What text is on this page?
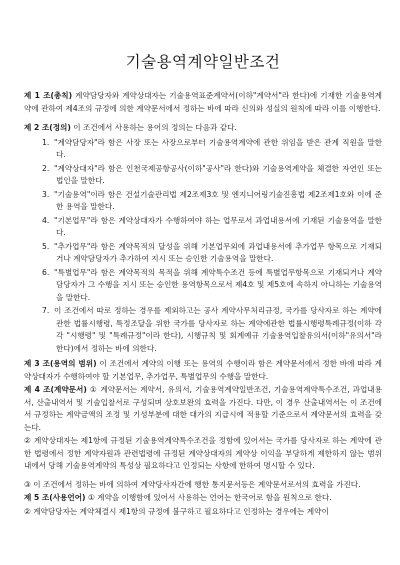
기술용역계약일반조건

제 1 조(총칙) 계약담당자와 계약상대자는 기술용역표준계약서(이하"계약서"라 한다)에 기재한 기술용역계약에 관하여 제4조의 규정에 의한 계약문서에서 정하는 바에 따라 신의와 성실의 원칙에 따라 이를 이행한다.

제 2 조(정의) 이 조건에서 사용하는 용어의 정의는 다음과 같다.

1. "계약담당자"라 함은 사장 또는 사장으로부터 기술용역계약에 관한 위임을 받은 관계 직원을 말한다.
2. "계약상대자"라 함은 인천국제공항공사(이하"공사"라 한다)와 기술용역계약을 체결한 자연인 또는 법인을 말한다.
3. "기술용역"이라 함은 건설기술관리법 제2조제3호 및 엔지니어링기술진흥법 제2조제1호와 이에 준한 용역을 말한다.
4. "기본업무"라 함은 계약상대자가 수행하여야 하는 업무로서 과업내용서에 기재된 기술용역을 말한다.
5. "추가업무"라 함은 계약목적의 달성을 위해 기본업무외에 과업내용서에 추가업무 항목으로 기재되거나 계약담당자가 추가하여 지시 또는 승인한 기술용역을 말한다.
6. "특별업무"라 함은 계약목적의 목적을 위해 계약특수조건 등에 특별업무항목으로 기재되거나 계약담당자가 그 수행을 지시 또는 승인한 용역항목으로서 제4호 및 제5호에 속하지 아니하는 기술용역을 말한다.
7. 이 조건에서 따로 정하는 경우를 제외하고는 공사 계약사무처리규정, 국가를 당사자로 하는 계약에관한 법률시행령, 특정조달을 위한 국가를 당사자로 하는 계약에관한 법률시행령특례규정(이하 각각 "시행령" 및 "특례규정"이라 한다), 시행규칙 및 회계예규 기술용역입찰유의서(이하"유의서"라 한다)에서 정하는 바에 의한다.

제 3 조(용역의 범위) 이 조건에서 계약의 이행 또는 용역의 수행이라 함은 계약문서에서 정한 바에 따라 계약상대자가 수행하여야 할 기본업무, 추가업무, 특별업무의 수행을 말한다.

제 4 조(계약문서) ① 계약문서는 계약서, 유의서, 기술용역계약일반조건, 기술용역계약특수조건, 과업내용서, 산출내역서 및 기술입찰서로 구성되며 상호보완의 효력을 가진다. 다만, 이 경우 산출내역서는 이 조건에서 규정하는 계약금액의 조정 및 기성부분에 대한 대가의 지급시에 적용할 기준으로서 계약문서의 효력을 갖는다.

② 계약상대자는 제1항에 규정된 기술용역계약특수조건을 정함에 있어서는 국가를 당사자로 하는 계약에 관한 법령에서 정한 계약자원과 관련법령에 규정된 계약상대자의 계약상 이익을 부당하게 제한하지 않는 범위 내에서 당해 기술용역계약의 특성상 필요하다고 인정되는 사항에 한하여 명시할 수 있다.

③ 이 조건에서 정하는 바에 의하여 계약당사자간에 행한 통지문서등은 계약문서로서의 효력을 가진다.

제 5 조(사용언어) ① 계약을 이행함에 있어서 사용하는 언어는 한국어로 함을 원칙으로 한다.

② 계약담당자는 계약체결시 제1항의 규정에 불구하고 필요하다고 인정하는 경우에는 계약이
